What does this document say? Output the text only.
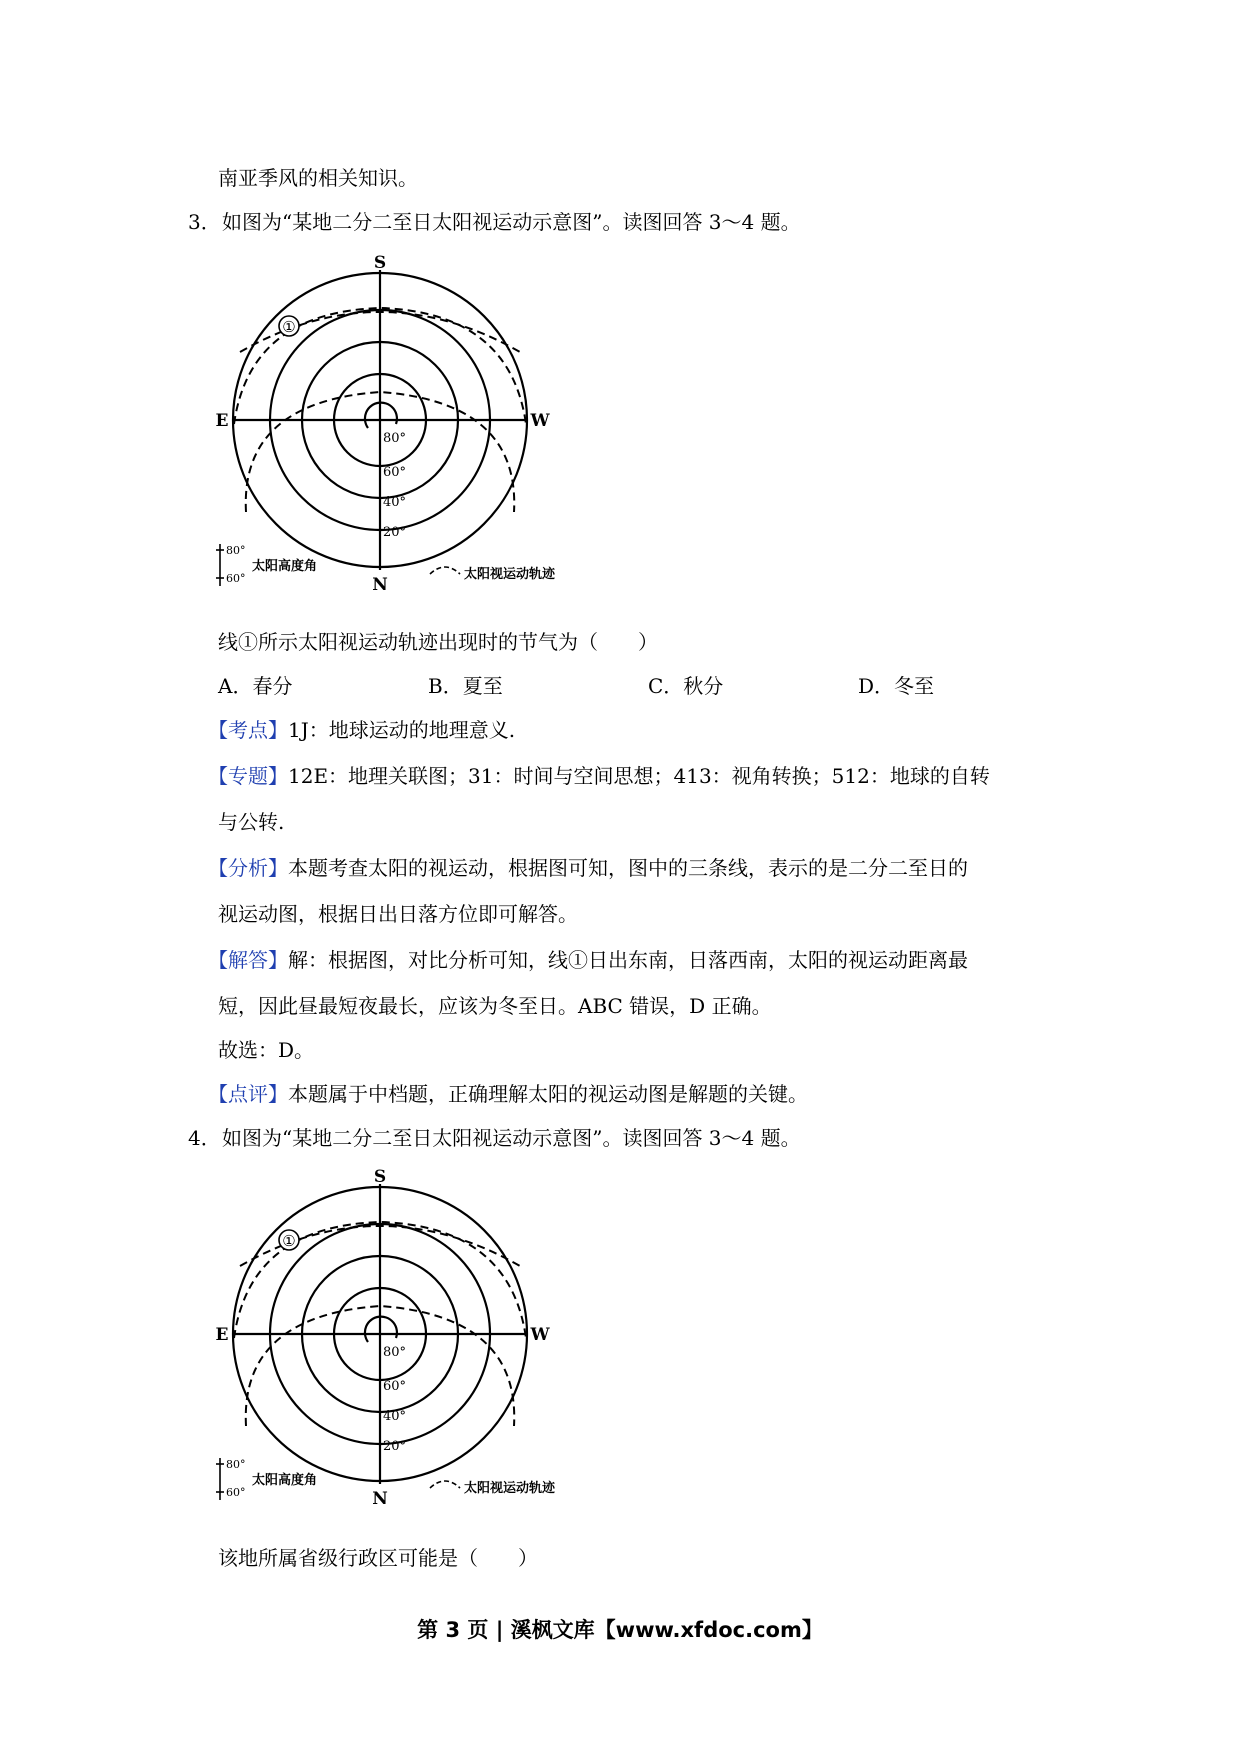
南亚季风的相关知识。
3． 如图为“某地二分二至日太阳视运动示意图”。读图回答 3～4 题。
①
S
N
E	W
80°
60°
40°
20°
80°
60°
太阳高度角
太阳视运动轨迹
线①所示太阳视运动轨迹出现时的节气为（　　）
A．春分	B．夏至	C．秋分	D．冬至
【考点】1J：地球运动的地理意义.
【专题】12E：地理关联图；31：时间与空间思想；413：视角转换；512：地球的自转
与公转.
【分析】本题考查太阳的视运动，根据图可知，图中的三条线，表示的是二分二至日的
视运动图，根据日出日落方位即可解答。
【解答】解：根据图，对比分析可知，线①日出东南，日落西南，太阳的视运动距离最
短，因此昼最短夜最长，应该为冬至日。ABC 错误，D 正确。
故选：D。
【点评】本题属于中档题，正确理解太阳的视运动图是解题的关键。
4． 如图为“某地二分二至日太阳视运动示意图”。读图回答 3～4 题。
①
S
N
E	W
80°
60°
40°
20°
80°
60°
太阳高度角
太阳视运动轨迹
该地所属省级行政区可能是（　　）
第 3 页 | 溪枫文库【www.xfdoc.com】
